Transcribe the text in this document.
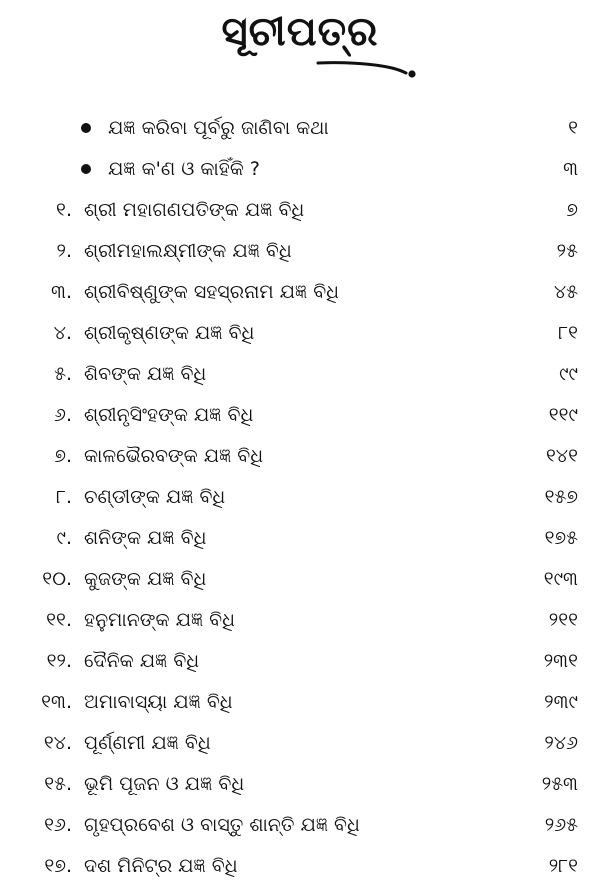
ସୂଚୀପତ୍ର
ଯଜ୍ଞ କରିବା ପୂର୍ବରୁ ଜାଣିବା କଥା	୧
ଯଜ୍ଞ କ'ଣ ଓ କାହିଁକି ?	୩
୧. ଶ୍ରୀ ମହାଗଣପତିଙ୍କ ଯଜ୍ଞ ବିଧି	୭
୨. ଶ୍ରୀମହାଲକ୍ଷ୍ମୀଙ୍କ ଯଜ୍ଞ ବିଧି	୨୫
୩. ଶ୍ରୀବିଷ୍ଣୁଙ୍କ ସହସ୍ରନାମ ଯଜ୍ଞ ବିଧି	୪୫
୪. ଶ୍ରୀକୃଷ୍ଣଙ୍କ ଯଜ୍ଞ ବିଧି	୮୧
୫. ଶିବଙ୍କ ଯଜ୍ଞ ବିଧି	୯୯
୬. ଶ୍ରୀନୃସିଂହଙ୍କ ଯଜ୍ଞ ବିଧି	୧୧୯
୭. କାଳଭୈରବଙ୍କ ଯଜ୍ଞ ବିଧି	୧୪୧
୮. ଚଣ୍ଡୀଙ୍କ ଯଜ୍ଞ ବିଧି	୧୫୭
୯. ଶନିଙ୍କ ଯଜ୍ଞ ବିଧି	୧୭୫
୧୦. କୁଜଙ୍କ ଯଜ୍ଞ ବିଧି	୧୯୩
୧୧. ହନୁମାନଙ୍କ ଯଜ୍ଞ ବିଧି	୨୧୧
୧୨. ଦୈନିକ ଯଜ୍ଞ ବିଧି	୨୩୧
୧୩. ଅମାବାସ୍ୟା ଯଜ୍ଞ ବିଧି	୨୩୯
୧୪. ପୂର୍ଣ୍ଣମୀ ଯଜ୍ଞ ବିଧି	୨୪୬
୧୫. ଭୂମି ପୂଜନ ଓ ଯଜ୍ଞ ବିଧି	୨୫୩
୧୬. ଗୃହପ୍ରବେଶ ଓ ବାସ୍ତୁ ଶାନ୍ତି ଯଜ୍ଞ ବିଧି	୨୬୫
୧୭. ଦଶ ମିନିଟ୍‌ର ଯଜ୍ଞ ବିଧି	୨୮୧
